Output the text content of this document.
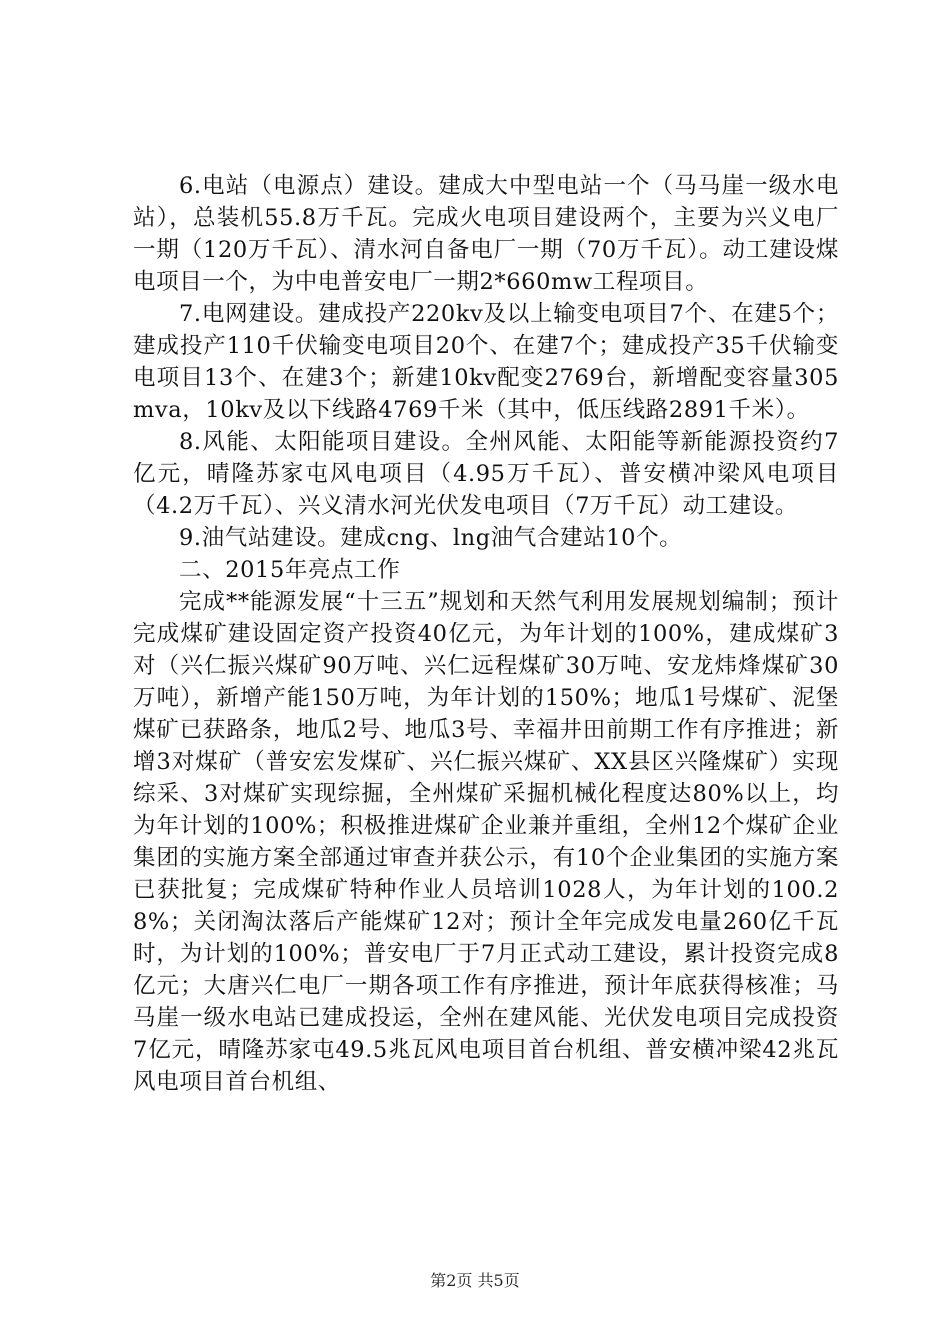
6.电站（电源点）建设。建成大中型电站一个（马马崖一级水电站），总装机55.8万千瓦。完成火电项目建设两个，主要为兴义电厂一期（120万千瓦）、清水河自备电厂一期（70万千瓦）。动工建设煤电项目一个，为中电普安电厂一期2*660mw工程项目。

7.电网建设。建成投产220kv及以上输变电项目7个、在建5个；建成投产110千伏输变电项目20个、在建7个；建成投产35千伏输变电项目13个、在建3个；新建10kv配变2769台，新增配变容量305mva，10kv及以下线路4769千米（其中，低压线路2891千米）。

8.风能、太阳能项目建设。全州风能、太阳能等新能源投资约7亿元，晴隆苏家屯风电项目（4.95万千瓦）、普安横冲梁风电项目（4.2万千瓦）、兴义清水河光伏发电项目（7万千瓦）动工建设。

9.油气站建设。建成cng、lng油气合建站10个。

二、2015年亮点工作

完成**能源发展“十三五”规划和天然气利用发展规划编制；预计完成煤矿建设固定资产投资40亿元，为年计划的100%，建成煤矿3对（兴仁振兴煤矿90万吨、兴仁远程煤矿30万吨、安龙炜烽煤矿30万吨），新增产能150万吨，为年计划的150%；地瓜1号煤矿、泥堡煤矿已获路条，地瓜2号、地瓜3号、幸福井田前期工作有序推进；新增3对煤矿（普安宏发煤矿、兴仁振兴煤矿、XX县区兴隆煤矿）实现综采、3对煤矿实现综掘，全州煤矿采掘机械化程度达80%以上，均为年计划的100%；积极推进煤矿企业兼并重组，全州12个煤矿企业集团的实施方案全部通过审查并获公示，有10个企业集团的实施方案已获批复；完成煤矿特种作业人员培训1028人，为年计划的100.28%；关闭淘汰落后产能煤矿12对；预计全年完成发电量260亿千瓦时，为计划的100%；普安电厂于7月正式动工建设，累计投资完成8亿元；大唐兴仁电厂一期各项工作有序推进，预计年底获得核准；马马崖一级水电站已建成投运，全州在建风能、光伏发电项目完成投资7亿元，晴隆苏家屯49.5兆瓦风电项目首台机组、普安横冲梁42兆瓦风电项目首台机组、

第2页 共5页
